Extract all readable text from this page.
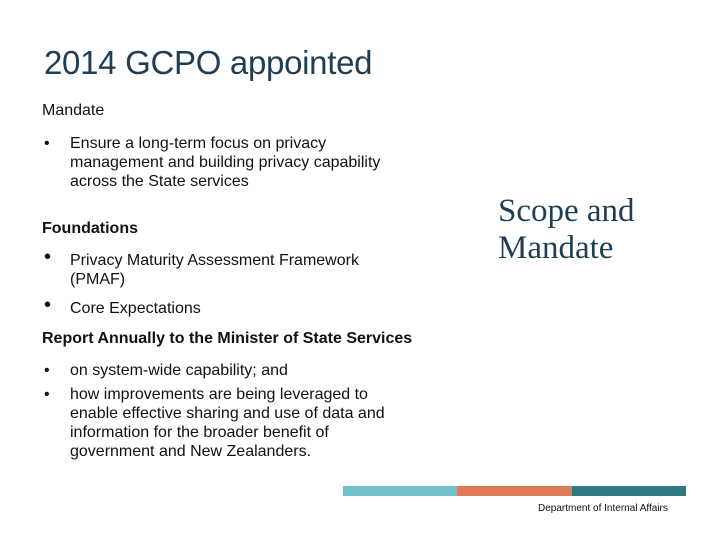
2014 GCPO appointed
Mandate
• Ensure a long-term focus on privacy
management and building privacy capability
across the State services
Foundations
• Privacy Maturity Assessment Framework
(PMAF)
• Core Expectations
Report Annually to the Minister of State Services
• on system-wide capability; and
• how improvements are being leveraged to
enable effective sharing and use of data and
information for the broader benefit of
government and New Zealanders.
Scope and
Mandate
Department of Internal Affairs
